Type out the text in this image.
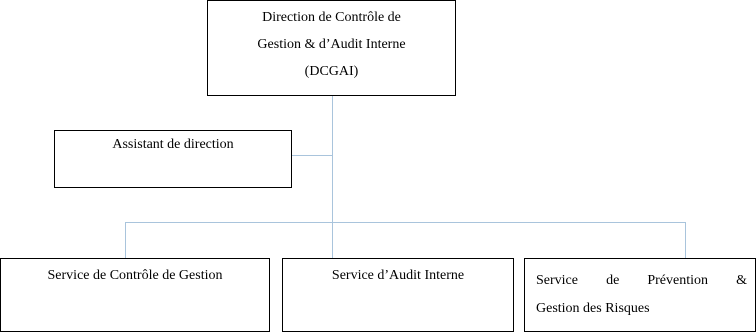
Direction de Contrôle de
Gestion & d’Audit Interne
(DCGAI)
Assistant de direction
Service de Contrôle de Gestion	Service d’Audit Interne	Service de Prévention &
Gestion des Risques
